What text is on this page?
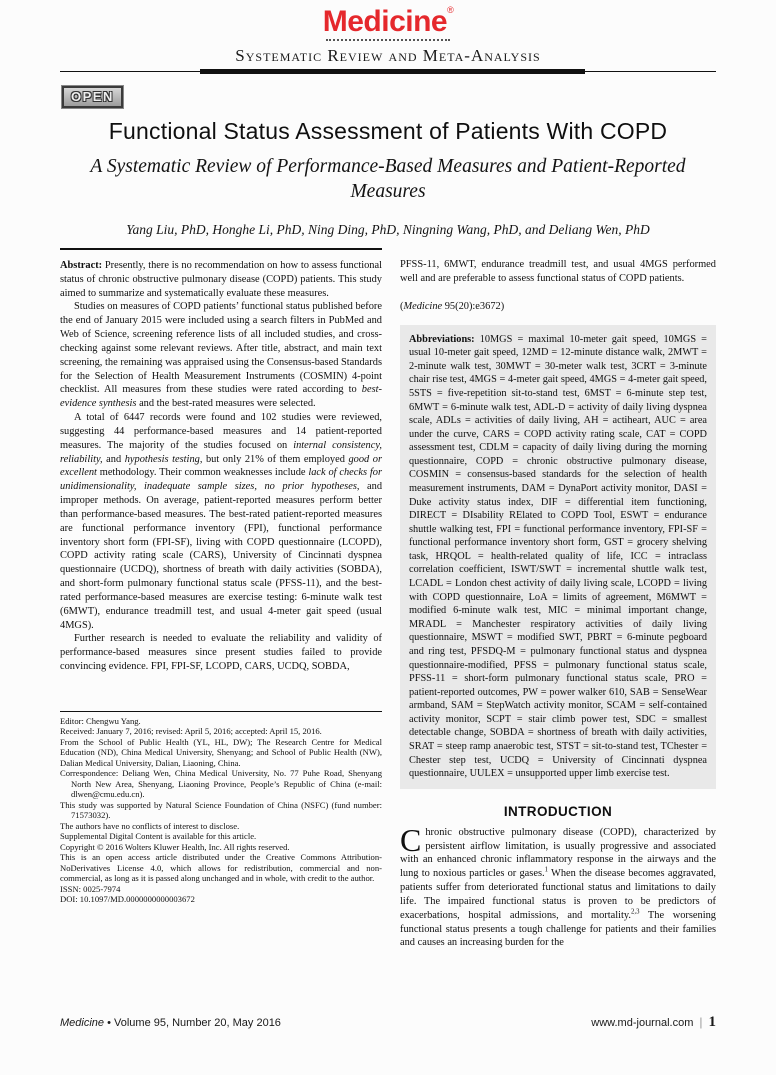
Medicine®
Systematic Review and Meta-Analysis
OPEN
Functional Status Assessment of Patients With COPD
A Systematic Review of Performance-Based Measures and Patient-Reported Measures
Yang Liu, PhD, Honghe Li, PhD, Ning Ding, PhD, Ningning Wang, PhD, and Deliang Wen, PhD

Abstract: Presently, there is no recommendation on how to assess functional status of chronic obstructive pulmonary disease (COPD) patients. This study aimed to summarize and systematically evaluate these measures.

Studies on measures of COPD patients’ functional status published before the end of January 2015 were included using a search filters in PubMed and Web of Science, screening reference lists of all included studies, and cross-checking against some relevant reviews. After title, abstract, and main text screening, the remaining was appraised using the Consensus-based Standards for the Selection of Health Measurement Instruments (COSMIN) 4-point checklist. All measures from these studies were rated according to best-evidence synthesis and the best-rated measures were selected.

A total of 6447 records were found and 102 studies were reviewed, suggesting 44 performance-based measures and 14 patient-reported measures. The majority of the studies focused on internal consistency, reliability, and hypothesis testing, but only 21% of them employed good or excellent methodology. Their common weaknesses include lack of checks for unidimensionality, inadequate sample sizes, no prior hypotheses, and improper methods. On average, patient-reported measures perform better than performance-based measures. The best-rated patient-reported measures are functional performance inventory (FPI), functional performance inventory short form (FPI-SF), living with COPD questionnaire (LCOPD), COPD activity rating scale (CARS), University of Cincinnati dyspnea questionnaire (UCDQ), shortness of breath with daily activities (SOBDA), and short-form pulmonary functional status scale (PFSS-11), and the best-rated performance-based measures are exercise testing: 6-minute walk test (6MWT), endurance treadmill test, and usual 4-meter gait speed (usual 4MGS).

Further research is needed to evaluate the reliability and validity of performance-based measures since present studies failed to provide convincing evidence. FPI, FPI-SF, LCOPD, CARS, UCDQ, SOBDA,

Editor: Chengwu Yang.

Received: January 7, 2016; revised: April 5, 2016; accepted: April 15, 2016.

From the School of Public Health (YL, HL, DW); The Research Centre for Medical Education (ND), China Medical University, Shenyang; and School of Public Health (NW), Dalian Medical University, Dalian, Liaoning, China.

Correspondence: Deliang Wen, China Medical University, No. 77 Puhe Road, Shenyang North New Area, Shenyang, Liaoning Province, People’s Republic of China (e-mail: dlwen@cmu.edu.cn).

This study was supported by Natural Science Foundation of China (NSFC) (fund number: 71573032).

The authors have no conflicts of interest to disclose.

Supplemental Digital Content is available for this article.

Copyright © 2016 Wolters Kluwer Health, Inc. All rights reserved.

This is an open access article distributed under the Creative Commons Attribution-NoDerivatives License 4.0, which allows for redistribution, commercial and non-commercial, as long as it is passed along unchanged and in whole, with credit to the author.

ISSN: 0025-7974

DOI: 10.1097/MD.0000000000003672

PFSS-11, 6MWT, endurance treadmill test, and usual 4MGS performed well and are preferable to assess functional status of COPD patients.

(Medicine 95(20):e3672)

Abbreviations: 10MGS = maximal 10-meter gait speed, 10MGS = usual 10-meter gait speed, 12MD = 12-minute distance walk, 2MWT = 2-minute walk test, 30MWT = 30-meter walk test, 3CRT = 3-minute chair rise test, 4MGS = 4-meter gait speed, 4MGS = 4-meter gait speed, 5STS = five-repetition sit-to-stand test, 6MST = 6-minute step test, 6MWT = 6-minute walk test, ADL-D = activity of daily living dyspnea scale, ADLs = activities of daily living, AH = actiheart, AUC = area under the curve, CARS = COPD activity rating scale, CAT = COPD assessment test, CDLM = capacity of daily living during the morning questionnaire, COPD = chronic obstructive pulmonary disease, COSMIN = consensus-based standards for the selection of health measurement instruments, DAM = DynaPort activity monitor, DASI = Duke activity status index, DIF = differential item functioning, DIRECT = DIsability RElated to COPD Tool, ESWT = endurance shuttle walking test, FPI = functional performance inventory, FPI-SF = functional performance inventory short form, GST = grocery shelving task, HRQOL = health-related quality of life, ICC = intraclass correlation coefficient, ISWT/SWT = incremental shuttle walk test, LCADL = London chest activity of daily living scale, LCOPD = living with COPD questionnaire, LoA = limits of agreement, M6MWT = modified 6-minute walk test, MIC = minimal important change, MRADL = Manchester respiratory activities of daily living questionnaire, MSWT = modified SWT, PBRT = 6-minute pegboard and ring test, PFSDQ-M = pulmonary functional status and dyspnea questionnaire-modified, PFSS = pulmonary functional status scale, PFSS-11 = short-form pulmonary functional status scale, PRO = patient-reported outcomes, PW = power walker 610, SAB = SenseWear armband, SAM = StepWatch activity monitor, SCAM = self-contained activity monitor, SCPT = stair climb power test, SDC = smallest detectable change, SOBDA = shortness of breath with daily activities, SRAT = steep ramp anaerobic test, STST = sit-to-stand test, TChester = Chester step test, UCDQ = University of Cincinnati dyspnea questionnaire, UULEX = unsupported upper limb exercise test.
INTRODUCTION

Chronic obstructive pulmonary disease (COPD), characterized by persistent airflow limitation, is usually progressive and associated with an enhanced chronic inflammatory response in the airways and the lung to noxious particles or gases.$^1$ When the disease becomes aggravated, patients suffer from deteriorated functional status and limitations to daily life. The impaired functional status is proven to be predictors of exacerbations, hospital admissions, and mortality.$^{2,3}$ The worsening functional status presents a tough challenge for patients and their families and causes an increasing burden for the

Medicine • Volume 95, Number 20, May 2016	www.md-journal.com | 1
